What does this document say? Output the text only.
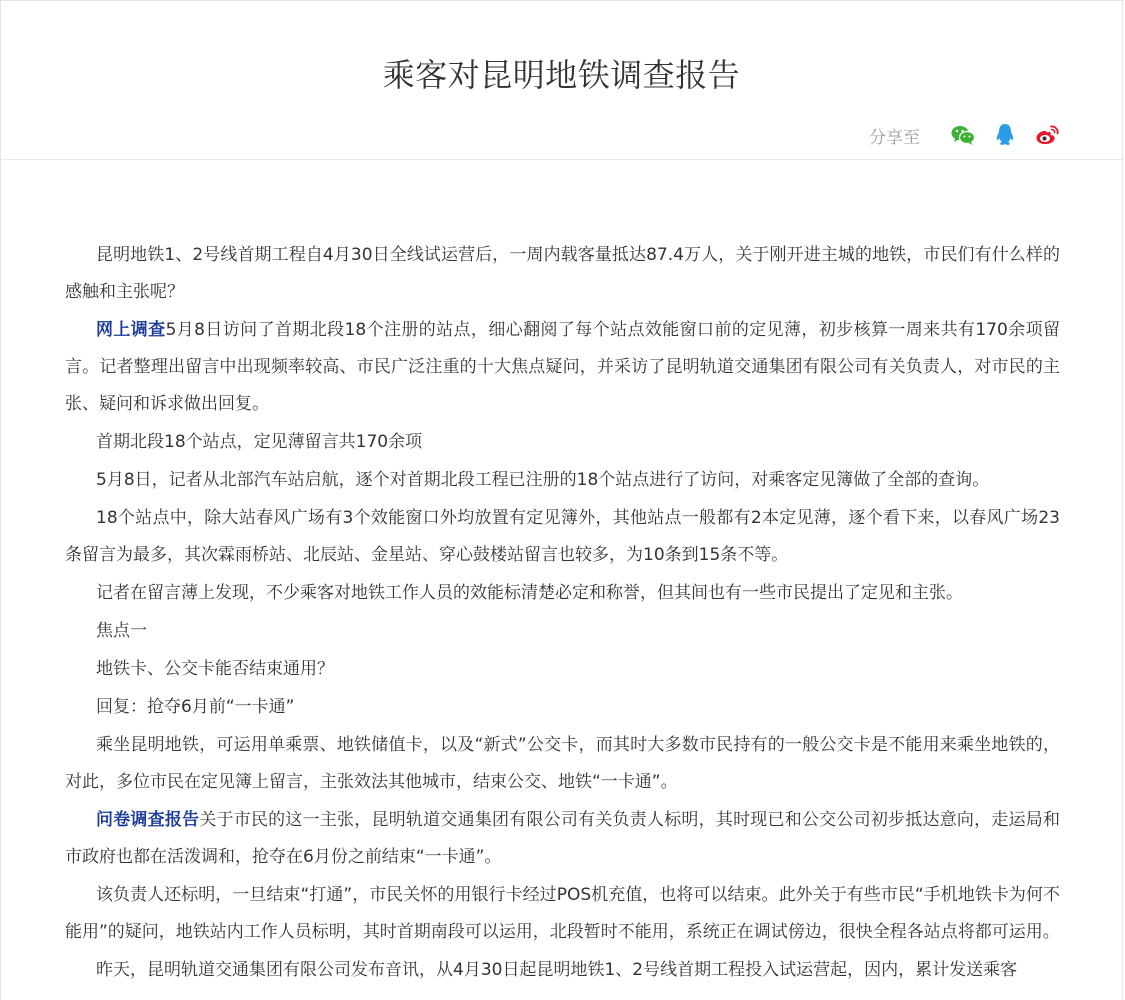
乘客对昆明地铁调查报告
分享至

昆明地铁1、2号线首期工程自4月30日全线试运营后，一周内载客量抵达87.4万人，关于刚开进主城的地铁，市民们有什么样的感触和主张呢？

网上调查5月8日访问了首期北段18个注册的站点，细心翻阅了每个站点效能窗口前的定见薄，初步核算一周来共有170余项留言。记者整理出留言中出现频率较高、市民广泛注重的十大焦点疑问，并采访了昆明轨道交通集团有限公司有关负责人，对市民的主张、疑问和诉求做出回复。

首期北段18个站点，定见薄留言共170余项

5月8日，记者从北部汽车站启航，逐个对首期北段工程已注册的18个站点进行了访问，对乘客定见簿做了全部的查询。

18个站点中，除大站春风广场有3个效能窗口外均放置有定见簿外，其他站点一般都有2本定见薄，逐个看下来，以春风广场23条留言为最多，其次霖雨桥站、北辰站、金星站、穿心鼓楼站留言也较多，为10条到15条不等。

记者在留言薄上发现，不少乘客对地铁工作人员的效能标清楚必定和称誉，但其间也有一些市民提出了定见和主张。

焦点一

地铁卡、公交卡能否结束通用？

回复：抢夺6月前“一卡通”

乘坐昆明地铁，可运用单乘票、地铁储值卡，以及“新式”公交卡，而其时大多数市民持有的一般公交卡是不能用来乘坐地铁的，对此，多位市民在定见簿上留言，主张效法其他城市，结束公交、地铁“一卡通”。

问卷调查报告关于市民的这一主张，昆明轨道交通集团有限公司有关负责人标明，其时现已和公交公司初步抵达意向，走运局和市政府也都在活泼调和，抢夺在6月份之前结束“一卡通”。

该负责人还标明，一旦结束“打通”，市民关怀的用银行卡经过POS机充值，也将可以结束。此外关于有些市民“手机地铁卡为何不能用”的疑问，地铁站内工作人员标明，其时首期南段可以运用，北段暂时不能用，系统正在调试傍边，很快全程各站点将都可运用。

昨天，昆明轨道交通集团有限公司发布音讯，从4月30日起昆明地铁1、2号线首期工程投入试运营起，因内，累计发送乘客
